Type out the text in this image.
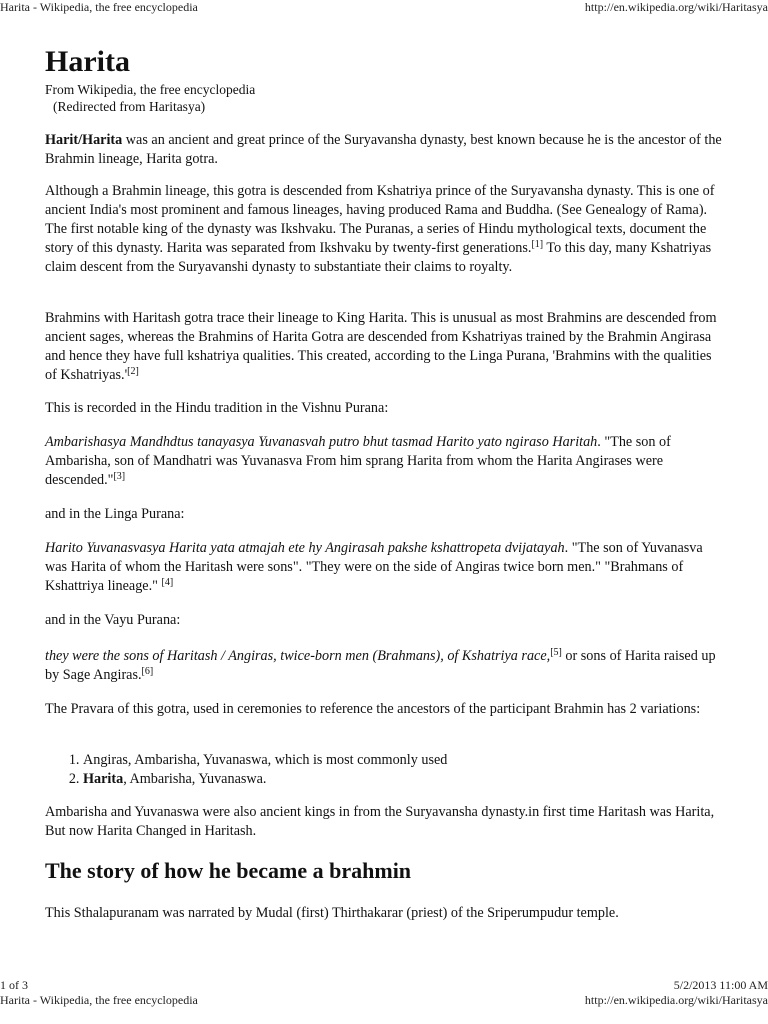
Harita - Wikipedia, the free encyclopedia	http://en.wikipedia.org/wiki/Haritasya
Harita
From Wikipedia, the free encyclopedia
(Redirected from Haritasya)

Harit/Harita was an ancient and great prince of the Suryavansha dynasty, best known because he is the ancestor of the Brahmin lineage, Harita gotra.

Although a Brahmin lineage, this gotra is descended from Kshatriya prince of the Suryavansha dynasty. This is one of ancient India's most prominent and famous lineages, having produced Rama and Buddha. (See Genealogy of Rama). The first notable king of the dynasty was Ikshvaku. The Puranas, a series of Hindu mythological texts, document the story of this dynasty. Harita was separated from Ikshvaku by twenty-first generations.[1] To this day, many Kshatriyas claim descent from the Suryavanshi dynasty to substantiate their claims to royalty.

Brahmins with Haritash gotra trace their lineage to King Harita. This is unusual as most Brahmins are descended from ancient sages, whereas the Brahmins of Harita Gotra are descended from Kshatriyas trained by the Brahmin Angirasa and hence they have full kshatriya qualities. This created, according to the Linga Purana, 'Brahmins with the qualities of Kshatriyas.'[2]

This is recorded in the Hindu tradition in the Vishnu Purana:

Ambarishasya Mandhdtus tanayasya Yuvanasvah putro bhut tasmad Harito yato ngiraso Haritah. "The son of Ambarisha, son of Mandhatri was Yuvanasva From him sprang Harita from whom the Harita Angirases were descended."[3]

and in the Linga Purana:

Harito Yuvanasvasya Harita yata atmajah ete hy Angirasah pakshe kshattropeta dvijatayah. "The son of Yuvanasva was Harita of whom the Haritash were sons". "They were on the side of Angiras twice born men." "Brahmans of Kshattriya lineage." [4]

and in the Vayu Purana:

they were the sons of Haritash / Angiras, twice-born men (Brahmans), of Kshatriya race,[5] or sons of Harita raised up by Sage Angiras.[6]

The Pravara of this gotra, used in ceremonies to reference the ancestors of the participant Brahmin has 2 variations:

1. Angiras, Ambarisha, Yuvanaswa, which is most commonly used
2. Harita, Ambarisha, Yuvanaswa.

Ambarisha and Yuvanaswa were also ancient kings in from the Suryavansha dynasty.in first time Haritash was Harita, But now Harita Changed in Haritash.

The story of how he became a brahmin

This Sthalapuranam was narrated by Mudal (first) Thirthakarar (priest) of the Sriperumpudur temple.

1 of 3	5/2/2013 11:00 AM
Harita - Wikipedia, the free encyclopedia	http://en.wikipedia.org/wiki/Haritasya
